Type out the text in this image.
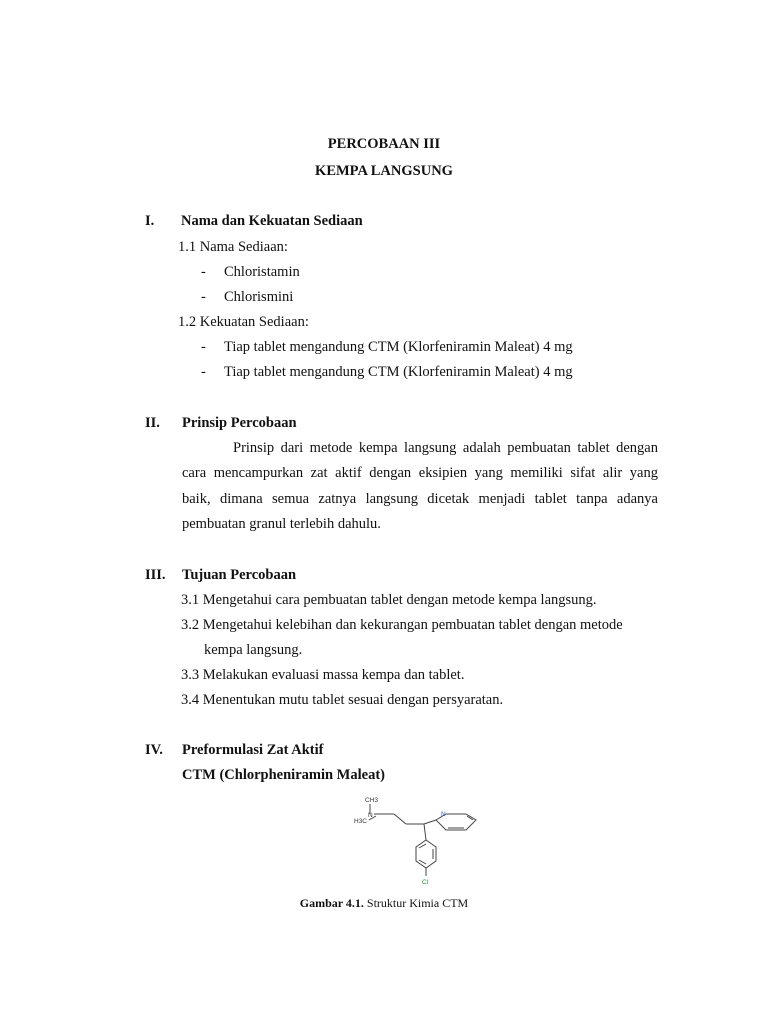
PERCOBAAN III
KEMPA LANGSUNG
I. Nama dan Kekuatan Sediaan
1.1 Nama Sediaan:
- Chloristamin
- Chlorismini
1.2 Kekuatan Sediaan:
- Tiap tablet mengandung CTM (Klorfeniramin Maleat) 4 mg
- Tiap tablet mengandung CTM (Klorfeniramin Maleat) 4 mg
II. Prinsip Percobaan
Prinsip dari metode kempa langsung adalah pembuatan tablet dengan
cara mencampurkan zat aktif dengan eksipien yang memiliki sifat alir yang
baik, dimana semua zatnya langsung dicetak menjadi tablet tanpa adanya
pembuatan granul terlebih dahulu.
III. Tujuan Percobaan
3.1 Mengetahui cara pembuatan tablet dengan metode kempa langsung.
3.2 Mengetahui kelebihan dan kekurangan pembuatan tablet dengan metode
kempa langsung.
3.3 Melakukan evaluasi massa kempa dan tablet.
3.4 Menentukan mutu tablet sesuai dengan persyaratan.
IV. Preformulasi Zat Aktif
CTM (Chlorpheniramin Maleat)
CH3
N
H3C
N
Cl
Gambar 4.1. Struktur Kimia CTM
